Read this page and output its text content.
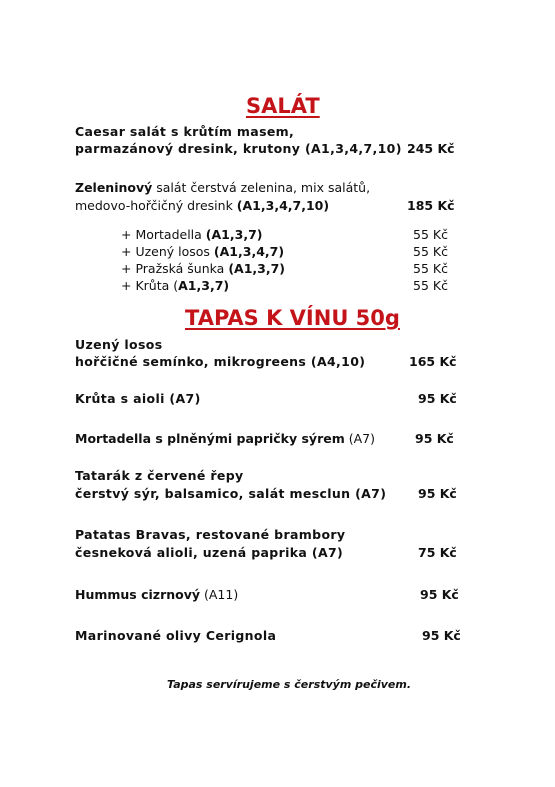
SALÁT
Caesar salát s krůtím masem,
parmazánový dresink, krutony (A1,3,4,7,10) 245 Kč
Zeleninový salát čerstvá zelenina, mix salátů,
medovo-hořčičný dresink (A1,3,4,7,10)	185 Kč
+ Mortadella (A1,3,7)	55 Kč
+ Uzený losos (A1,3,4,7)	55 Kč
+ Pražská šunka (A1,3,7)	55 Kč
+ Krůta (A1,3,7)	55 Kč
TAPAS K VÍNU 50g
Uzený losos
hořčičné semínko, mikrogreens (A4,10)	165 Kč
Krůta s aioli (A7)	95 Kč
Mortadella s plněnými papričky sýrem (A7)	95 Kč
Tatarák z červené řepy
čerstvý sýr, balsamico, salát mesclun (A7)	95 Kč
Patatas Bravas, restované brambory
česneková alioli, uzená paprika (A7)	75 Kč
Hummus cizrnový (A11)	95 Kč
Marinované olivy Cerignola	95 Kč
Tapas servírujeme s čerstvým pečivem.
